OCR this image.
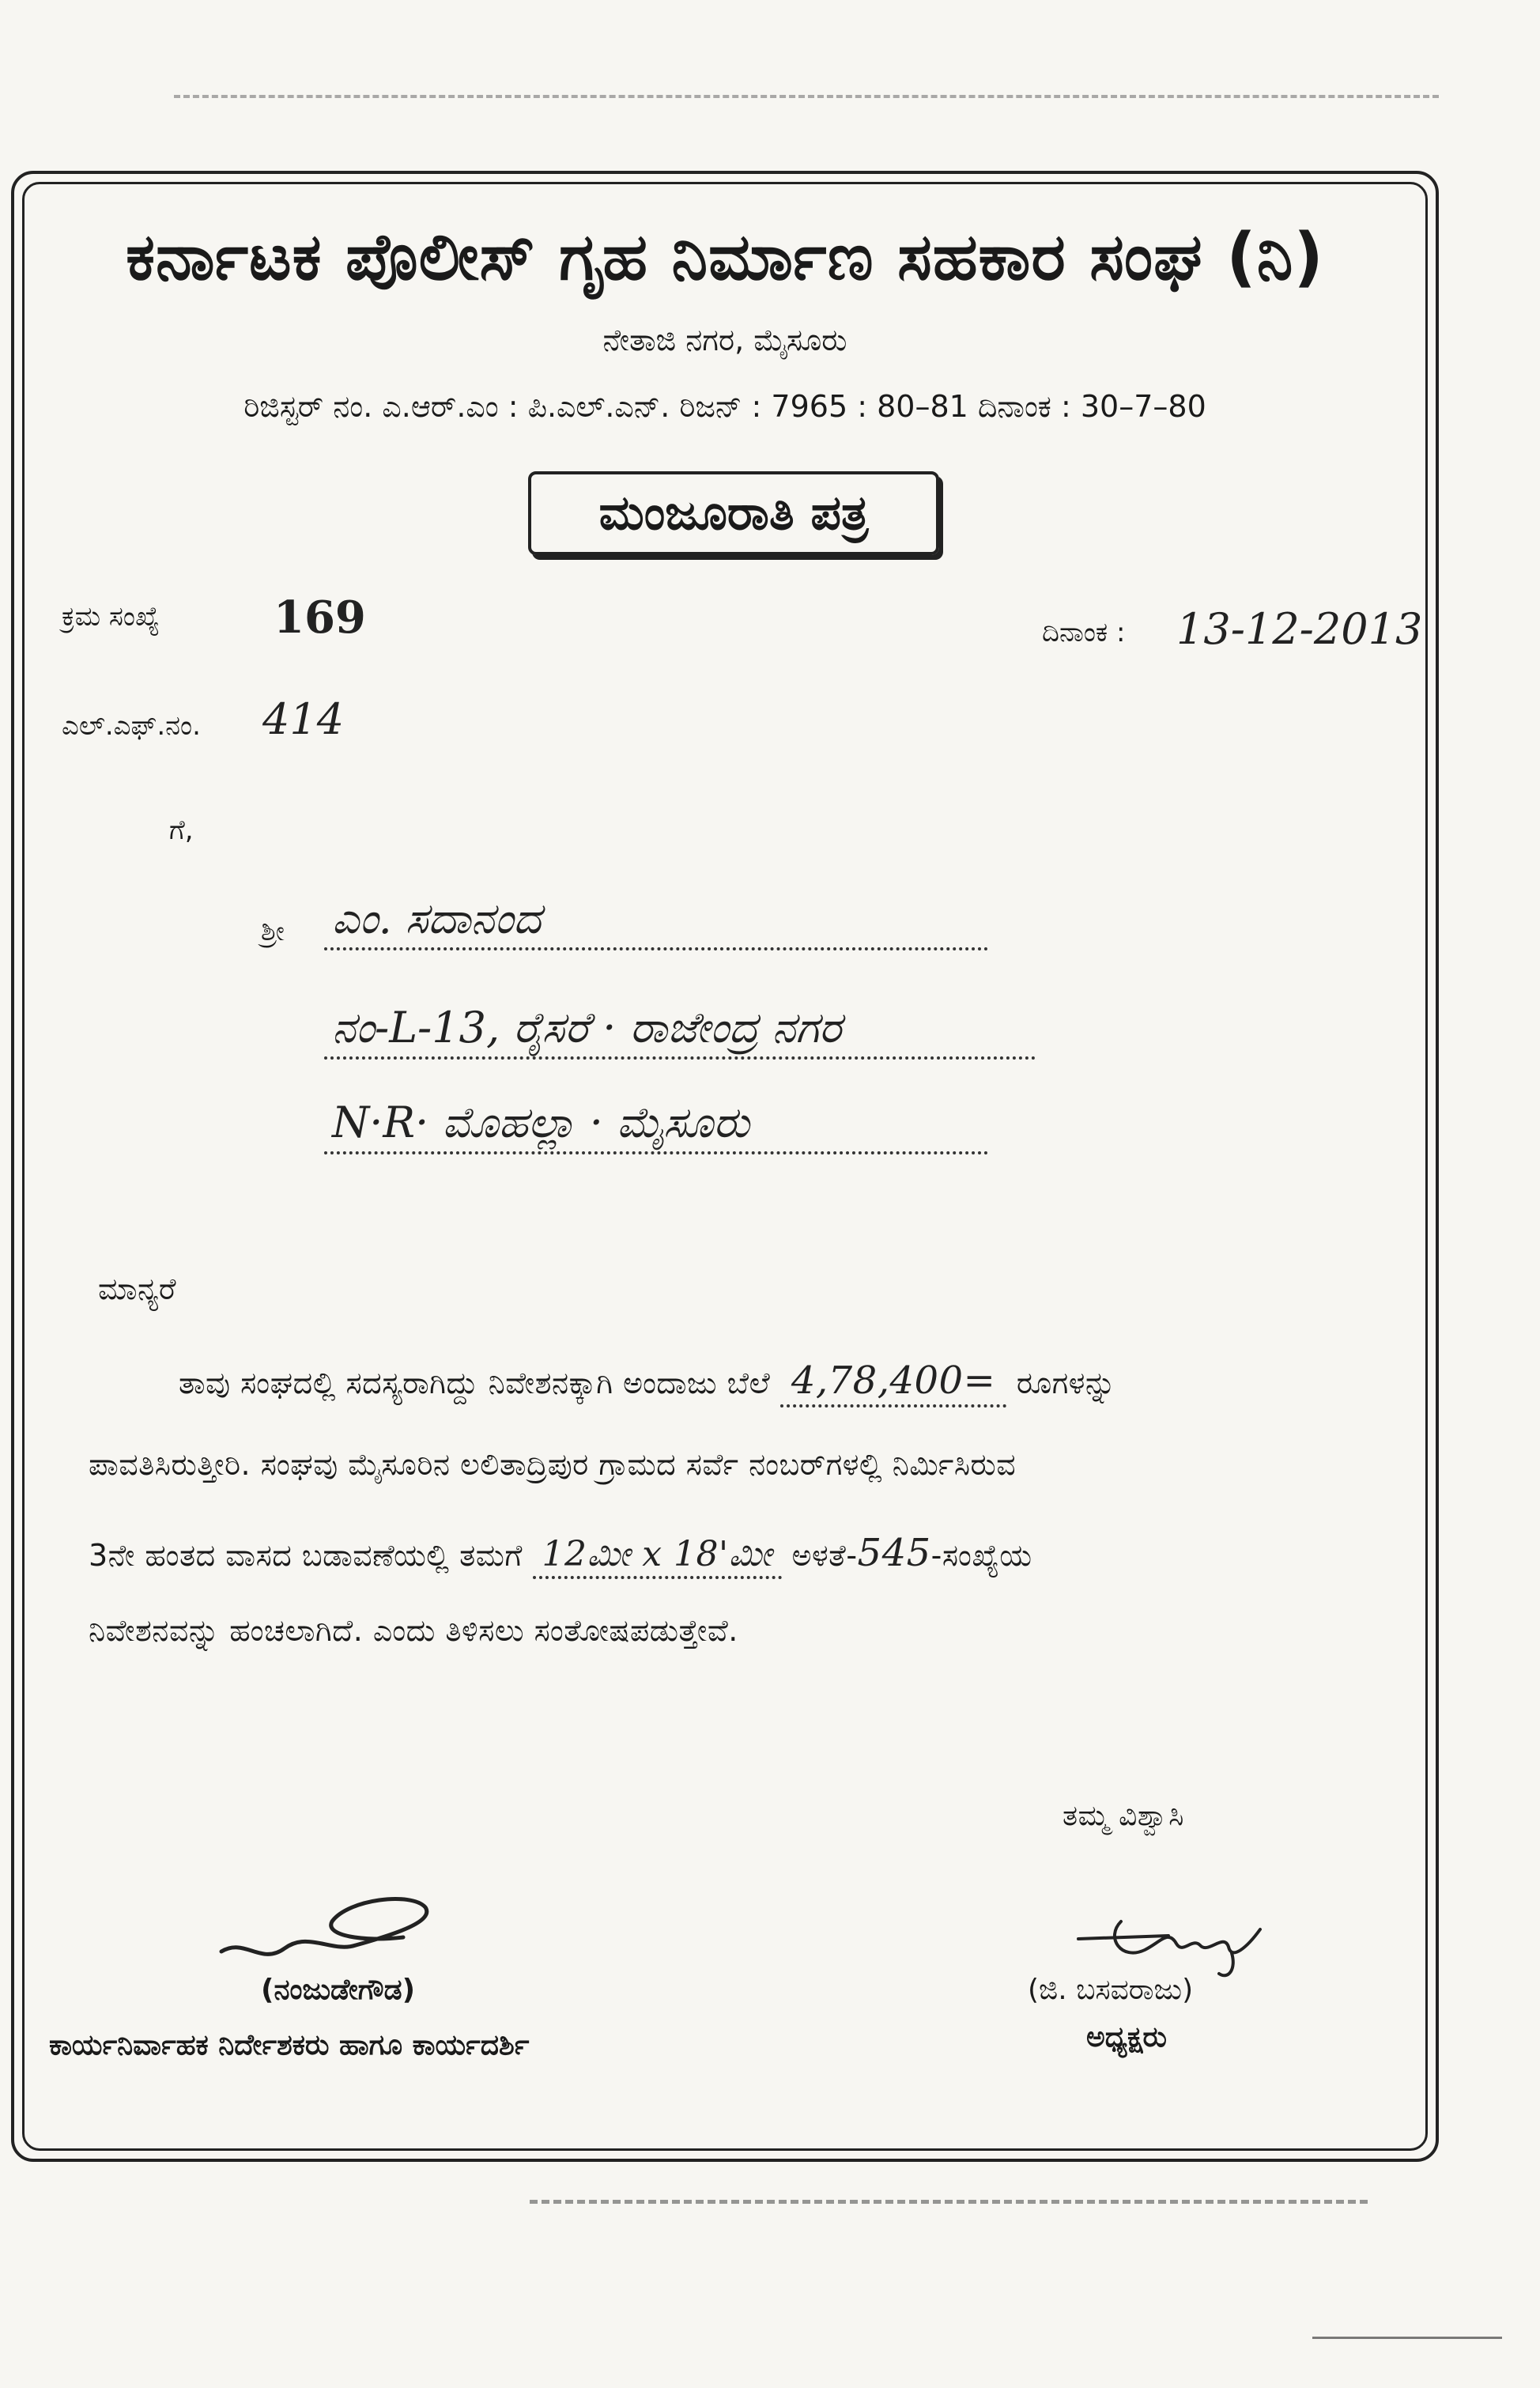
ಕರ್ನಾಟಕ ಪೊಲೀಸ್ ಗೃಹ ನಿರ್ಮಾಣ ಸಹಕಾರ ಸಂಘ (ನಿ)
ನೇತಾಜಿ ನಗರ, ಮೈಸೂರು
ರಿಜಿಸ್ಟರ್ ನಂ. ಎ.ಆರ್.ಎಂ : ಪಿ.ಎಲ್.ಎನ್. ರಿಜನ್ : 7965 : 80–81 ದಿನಾಂಕ : 30–7–80
ಮಂಜೂರಾತಿ ಪತ್ರ
ಕ್ರಮ ಸಂಖ್ಯೆ	169	ದಿನಾಂಕ : 13-12-2013
ಎಲ್.ಎಫ್.ನಂ. 414
ಗೆ,
ಶ್ರೀ ಎಂ. ಸದಾನಂದ
ನಂ-L-13, ರೈಸರೆ · ರಾಜೇಂದ್ರ ನಗರ
N·R· ಮೊಹಲ್ಲಾ · ಮೈಸೂರು
ಮಾನ್ಯರೆ
ತಾವು ಸಂಘದಲ್ಲಿ ಸದಸ್ಯರಾಗಿದ್ದು ನಿವೇಶನಕ್ಕಾಗಿ ಅಂದಾಜು ಬೆಲೆ 4,78,400= ರೂಗಳನ್ನು
ಪಾವತಿಸಿರುತ್ತೀರಿ. ಸಂಘವು ಮೈಸೂರಿನ ಲಲಿತಾದ್ರಿಪುರ ಗ್ರಾಮದ ಸರ್ವೆ ನಂಬರ್‌ಗಳಲ್ಲಿ ನಿರ್ಮಿಸಿರುವ
3ನೇ ಹಂತದ ವಾಸದ ಬಡಾವಣೆಯಲ್ಲಿ ತಮಗೆ 12ಮೀ x 18'ಮೀ ಅಳತೆ-545-ಸಂಖ್ಯೆಯ
ನಿವೇಶನವನ್ನು ಹಂಚಲಾಗಿದೆ. ಎಂದು ತಿಳಿಸಲು ಸಂತೋಷಪಡುತ್ತೇವೆ.
ತಮ್ಮ ವಿಶ್ವಾಸಿ
(ನಂಜುಡೇಗೌಡ)
ಕಾರ್ಯನಿರ್ವಾಹಕ ನಿರ್ದೇಶಕರು ಹಾಗೂ ಕಾರ್ಯದರ್ಶಿ
(ಜಿ. ಬಸವರಾಜು)
ಅಧ್ಯಕ್ಷರು
